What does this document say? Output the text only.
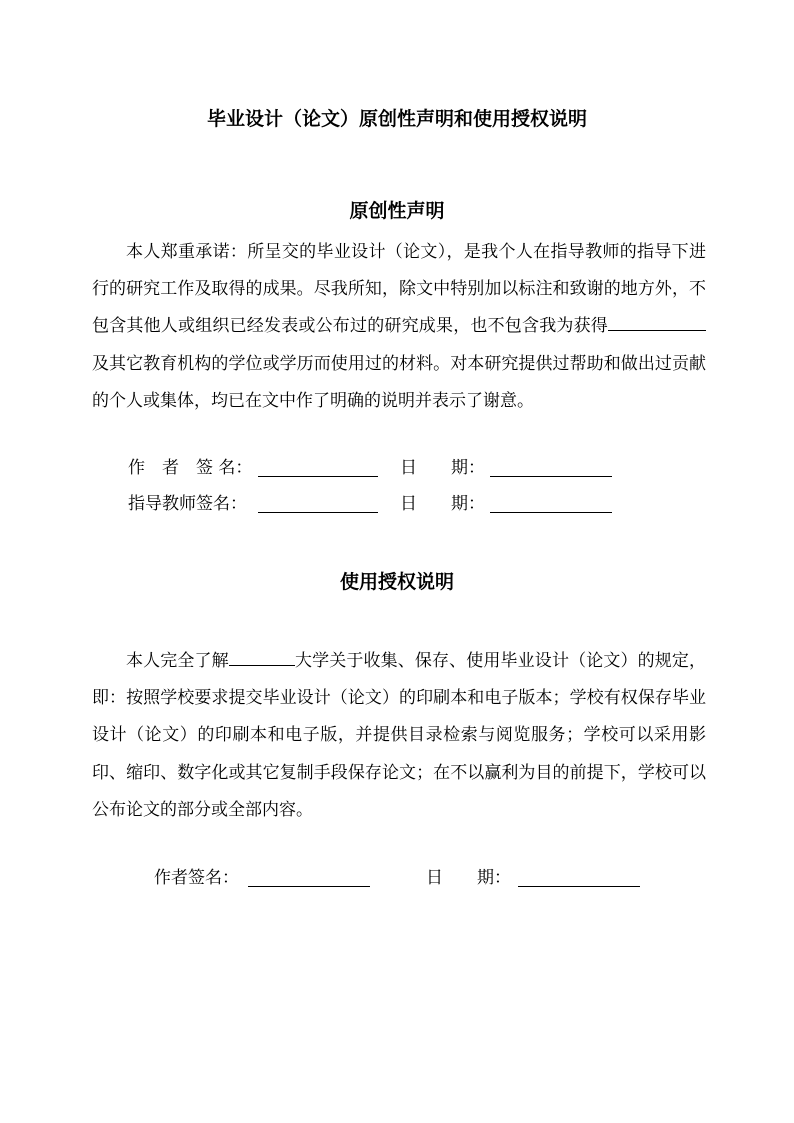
毕业设计（论文）原创性声明和使用授权说明
原创性声明

本人郑重承诺：所呈交的毕业设计（论文），是我个人在指导教师的指导下进行的研究工作及取得的成果。尽我所知，除文中特别加以标注和致谢的地方外，不包含其他人或组织已经发表或公布过的研究成果，也不包含我为获得及其它教育机构的学位或学历而使用过的材料。对本研究提供过帮助和做出过贡献的个人或集体，均已在文中作了明确的说明并表示了谢意。

作　者　签 名：	日　　期：
指导教师签名：	日　　期：
使用授权说明

本人完全了解	大学关于收集、保存、使用毕业设计（论文）的规定，即：按照学校要求提交毕业设计（论文）的印刷本和电子版本；学校有权保存毕业设计（论文）的印刷本和电子版，并提供目录检索与阅览服务；学校可以采用影印、缩印、数字化或其它复制手段保存论文；在不以赢利为目的前提下，学校可以公布论文的部分或全部内容。

作者签名：	日　　期：
